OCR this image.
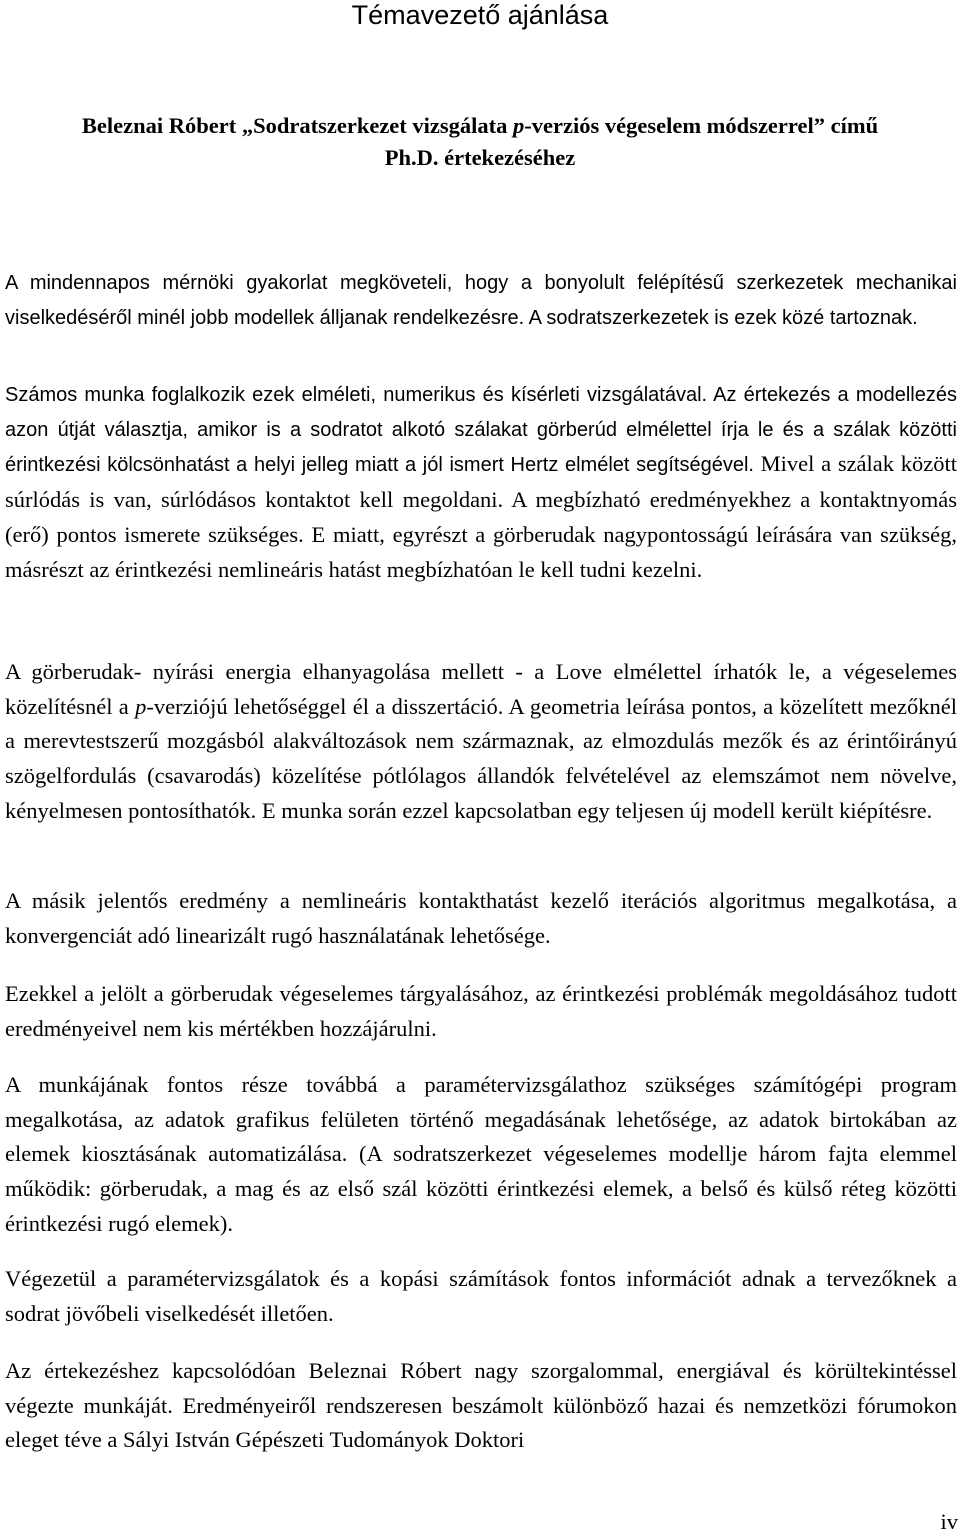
Témavezető ajánlása
Beleznai Róbert „Sodratszerkezet vizsgálata p-verziós végeselem módszerrel” című
Ph.D. értekezéséhez

A mindennapos mérnöki gyakorlat megköveteli, hogy a bonyolult felépítésű szerkezetek mechanikai viselkedéséről minél jobb modellek álljanak rendelkezésre. A sodratszerkezetek is ezek közé tartoznak.

Számos munka foglalkozik ezek elméleti, numerikus és kísérleti vizsgálatával. Az értekezés a modellezés azon útját választja, amikor is a sodratot alkotó szálakat görberúd elmélettel írja le és a szálak közötti érintkezési kölcsönhatást a helyi jelleg miatt a jól ismert Hertz elmélet segítségével. Mivel a szálak között súrlódás is van, súrlódásos kontaktot kell megoldani. A megbízható eredményekhez a kontaktnyomás (erő) pontos ismerete szükséges. E miatt, egyrészt a görberudak nagypontosságú leírására van szükség, másrészt az érintkezési nemlineáris hatást megbízhatóan le kell tudni kezelni.

A görberudak- nyírási energia elhanyagolása mellett - a Love elmélettel írhatók le, a végeselemes közelítésnél a p-verziójú lehetőséggel él a disszertáció. A geometria leírása pontos, a közelített mezőknél a merevtestszerű mozgásból alakváltozások nem származnak, az elmozdulás mezők és az érintőirányú szögelfordulás (csavarodás) közelítése pótlólagos állandók felvételével az elemszámot nem növelve, kényelmesen pontosíthatók. E munka során ezzel kapcsolatban egy teljesen új modell került kiépítésre.

A másik jelentős eredmény a nemlineáris kontakthatást kezelő iterációs algoritmus megalkotása, a konvergenciát adó linearizált rugó használatának lehetősége.

Ezekkel a jelölt a görberudak végeselemes tárgyalásához, az érintkezési problémák megoldásához tudott eredményeivel nem kis mértékben hozzájárulni.

A munkájának fontos része továbbá a paramétervizsgálathoz szükséges számítógépi program megalkotása, az adatok grafikus felületen történő megadásának lehetősége, az adatok birtokában az elemek kiosztásának automatizálása. (A sodratszerkezet végeselemes modellje három fajta elemmel működik: görberudak, a mag és az első szál közötti érintkezési elemek, a belső és külső réteg közötti érintkezési rugó elemek).

Végezetül a paramétervizsgálatok és a kopási számítások fontos információt adnak a tervezőknek a sodrat jövőbeli viselkedését illetően.

Az értekezéshez kapcsolódóan Beleznai Róbert nagy szorgalommal, energiával és körültekintéssel végezte munkáját. Eredményeiről rendszeresen beszámolt különböző hazai és nemzetközi fórumokon eleget téve a Sályi István Gépészeti Tudományok Doktori

iv
